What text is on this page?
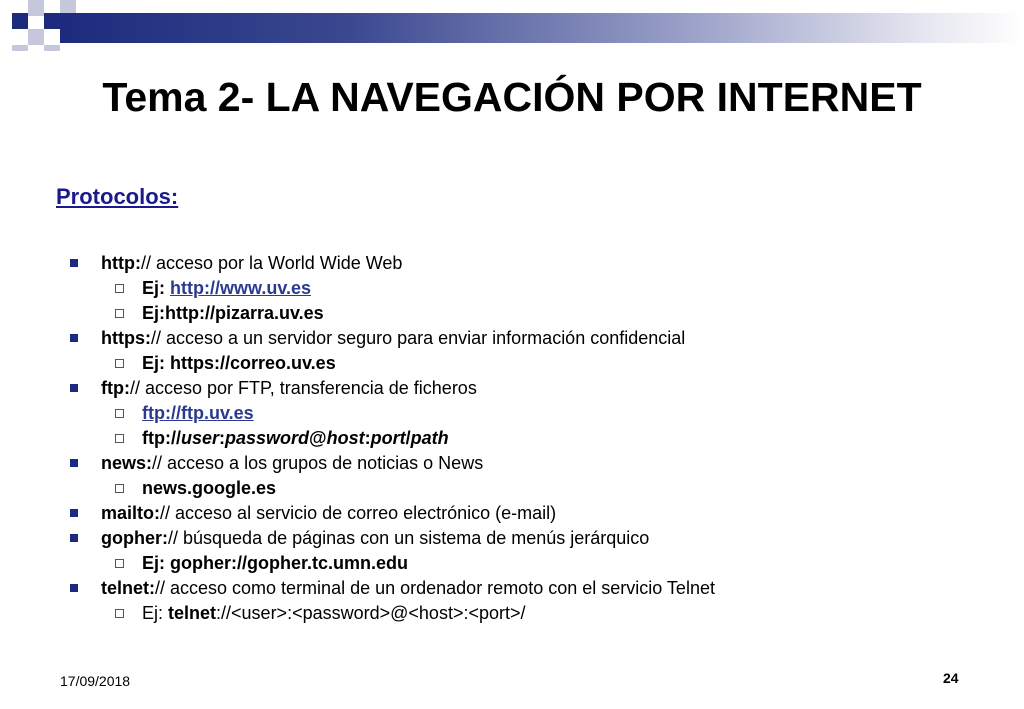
Tema 2- LA NAVEGACIÓN POR INTERNET
Protocolos:
http:// acceso por la World Wide Web
Ej: http://www.uv.es
Ej:http://pizarra.uv.es
https:// acceso a un servidor seguro para enviar información confidencial
Ej: https://correo.uv.es
ftp:// acceso por FTP, transferencia de ficheros
ftp://ftp.uv.es
ftp://user:password@host:port/path
news:// acceso a los grupos de noticias o News
news.google.es
mailto:// acceso al servicio de correo electrónico (e-mail)
gopher:// búsqueda de páginas con un sistema de menús jerárquico
Ej: gopher://gopher.tc.umn.edu
telnet:// acceso como terminal de un ordenador remoto con el servicio Telnet
Ej: telnet://<user>:<password>@<host>:<port>/
17/09/2018	24
